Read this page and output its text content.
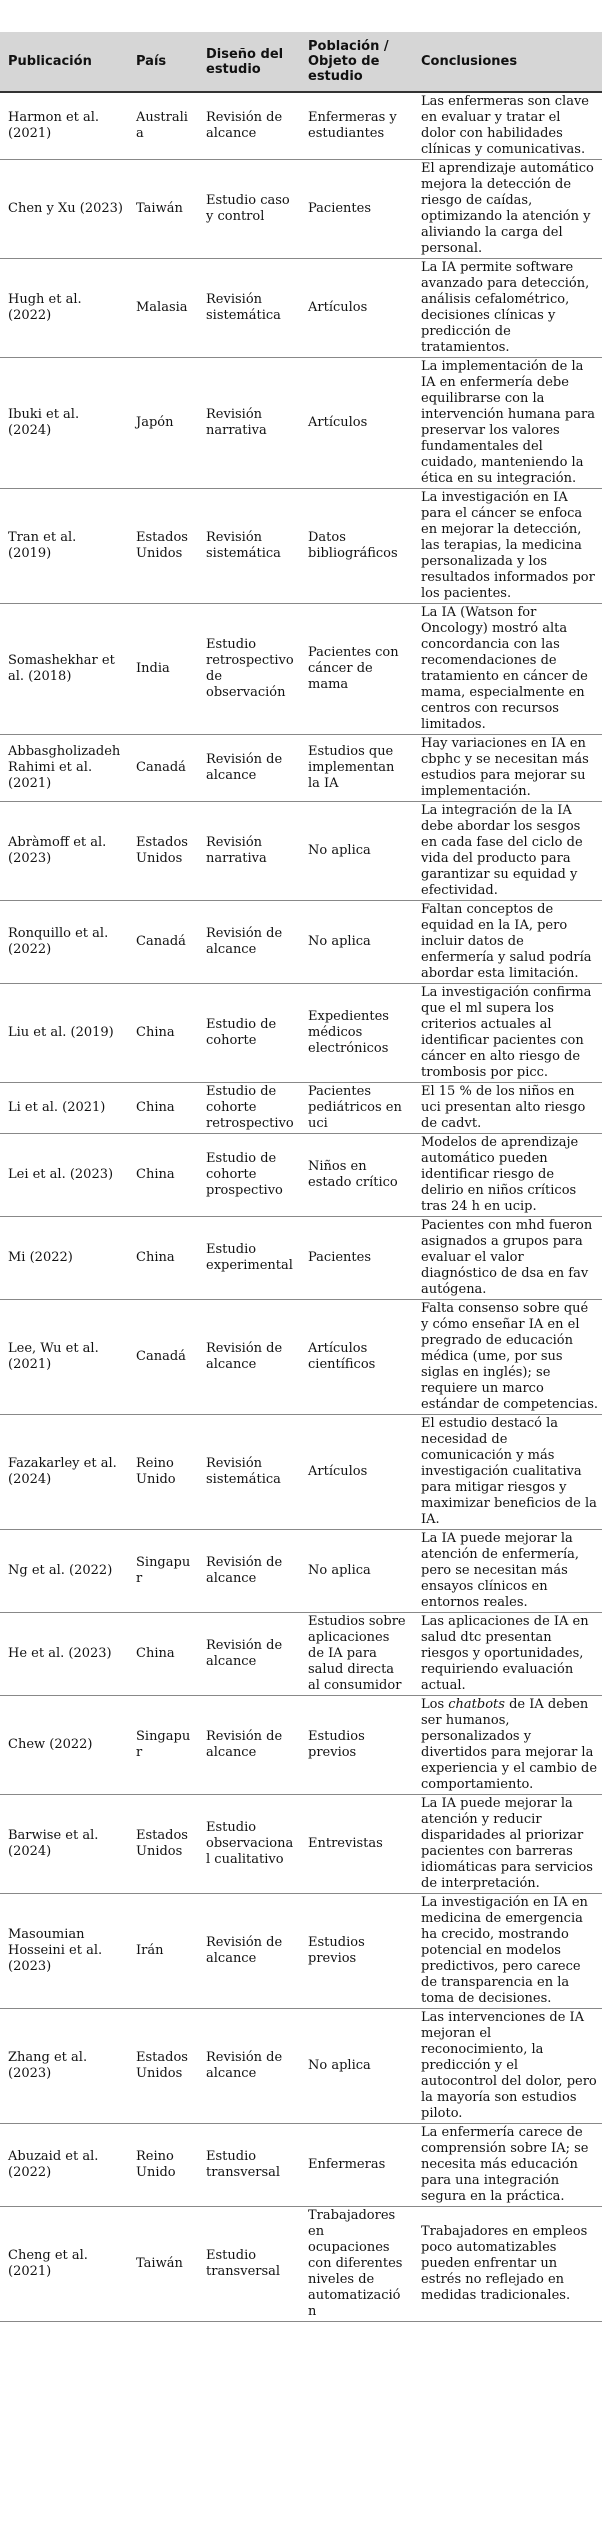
Publicación	País	Diseño del estudio	Población / Objeto de estudio	Conclusiones
Harmon et al. (2021)	Australia	Revisión de alcance	Enfermeras y estudiantes	Las enfermeras son clave en evaluar y tratar el dolor con habilidades clínicas y comunicativas.
Chen y Xu (2023)	Taiwán	Estudio caso y control	Pacientes	El aprendizaje automático mejora la detección de riesgo de caídas, optimizando la atención y aliviando la carga del personal.
Hugh et al. (2022)	Malasia	Revisión sistemática	Artículos	La IA permite software avanzado para detección, análisis cefalométrico, decisiones clínicas y predicción de tratamientos.
Ibuki et al. (2024)	Japón	Revisión narrativa	Artículos	La implementación de la IA en enfermería debe equilibrarse con la intervención humana para preservar los valores fundamentales del cuidado, manteniendo la ética en su integración.
Tran et al. (2019)	Estados Unidos	Revisión sistemática	Datos bibliográficos	La investigación en IA para el cáncer se enfoca en mejorar la detección, las terapias, la medicina personalizada y los resultados informados por los pacientes.
Somashekhar et al. (2018)	India	Estudio retrospectivo de observación	Pacientes con cáncer de mama	La IA (Watson for Oncology) mostró alta concordancia con las recomendaciones de tratamiento en cáncer de mama, especialmente en centros con recursos limitados.
Abbasgholizadeh Rahimi et al. (2021)	Canadá	Revisión de alcance	Estudios que implementan la IA	Hay variaciones en IA en cbphc y se necesitan más estudios para mejorar su implementación.
Abràmoff et al. (2023)	Estados Unidos	Revisión narrativa	No aplica	La integración de la IA debe abordar los sesgos en cada fase del ciclo de vida del producto para garantizar su equidad y efectividad.
Ronquillo et al. (2022)	Canadá	Revisión de alcance	No aplica	Faltan conceptos de equidad en la IA, pero incluir datos de enfermería y salud podría abordar esta limitación.
Liu et al. (2019)	China	Estudio de cohorte	Expedientes médicos electrónicos	La investigación confirma que el ml supera los criterios actuales al identificar pacientes con cáncer en alto riesgo de trombosis por picc.
Li et al. (2021)	China	Estudio de cohorte retrospectivo	Pacientes pediátricos en uci	El 15 % de los niños en uci presentan alto riesgo de cadvt.
Lei et al. (2023)	China	Estudio de cohorte prospectivo	Niños en estado crítico	Modelos de aprendizaje automático pueden identificar riesgo de delirio en niños críticos tras 24 h en ucip.
Mi (2022)	China	Estudio experimental	Pacientes	Pacientes con mhd fueron asignados a grupos para evaluar el valor diagnóstico de dsa en fav autógena.
Lee, Wu et al. (2021)	Canadá	Revisión de alcance	Artículos científicos	Falta consenso sobre qué y cómo enseñar IA en el pregrado de educación médica (ume, por sus siglas en inglés); se requiere un marco estándar de competencias.
Fazakarley et al. (2024)	Reino Unido	Revisión sistemática	Artículos	El estudio destacó la necesidad de comunicación y más investigación cualitativa para mitigar riesgos y maximizar beneficios de la IA.
Ng et al. (2022)	Singapur	Revisión de alcance	No aplica	La IA puede mejorar la atención de enfermería, pero se necesitan más ensayos clínicos en entornos reales.
He et al. (2023)	China	Revisión de alcance	Estudios sobre aplicaciones de IA para salud directa al consumidor	Las aplicaciones de IA en salud dtc presentan riesgos y oportunidades, requiriendo evaluación actual.
Chew (2022)	Singapur	Revisión de alcance	Estudios previos	Los chatbots de IA deben ser humanos, personalizados y divertidos para mejorar la experiencia y el cambio de comportamiento.
Barwise et al. (2024)	Estados Unidos	Estudio observacional cualitativo	Entrevistas	La IA puede mejorar la atención y reducir disparidades al priorizar pacientes con barreras idiomáticas para servicios de interpretación.
Masoumian Hosseini et al. (2023)	Irán	Revisión de alcance	Estudios previos	La investigación en IA en medicina de emergencia ha crecido, mostrando potencial en modelos predictivos, pero carece de transparencia en la toma de decisiones.
Zhang et al. (2023)	Estados Unidos	Revisión de alcance	No aplica	Las intervenciones de IA mejoran el reconocimiento, la predicción y el autocontrol del dolor, pero la mayoría son estudios piloto.
Abuzaid et al. (2022)	Reino Unido	Estudio transversal	Enfermeras	La enfermería carece de comprensión sobre IA; se necesita más educación para una integración segura en la práctica.
Cheng et al. (2021)	Taiwán	Estudio transversal	Trabajadores en ocupaciones con diferentes niveles de automatización	Trabajadores en empleos poco automatizables pueden enfrentar un estrés no reflejado en medidas tradicionales.
